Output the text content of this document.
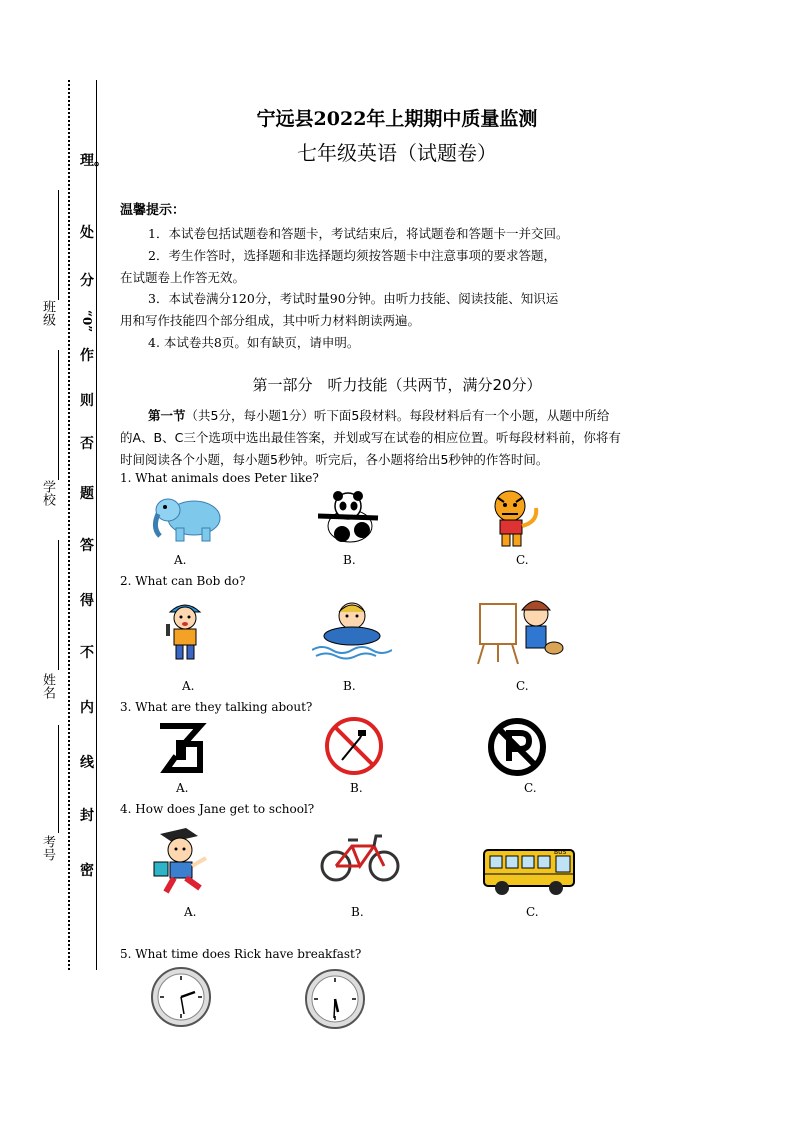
理。
处
分
“0”
作
则
否
题
答
得
不
内
线
封
密
班级
学校
姓名
考号
宁远县2022年上期期中质量监测
七年级英语（试题卷）
温馨提示：
1．本试卷包括试题卷和答题卡，考试结束后，将试题卷和答题卡一并交回。
2．考生作答时，选择题和非选择题均须按答题卡中注意事项的要求答题，
在试题卷上作答无效。
3．本试卷满分120分，考试时量90分钟。由听力技能、阅读技能、知识运
用和写作技能四个部分组成，其中听力材料朗读两遍。
4. 本试卷共8页。如有缺页，请申明。
第一部分　听力技能（共两节，满分20分）
第一节（共5分，每小题1分）听下面5段材料。每段材料后有一个小题，从题中所给
的A、B、C三个选项中选出最佳答案，并划或写在试卷的相应位置。听每段材料前，你将有
时间阅读各个小题，每小题5秒钟。听完后，各小题将给出5秒钟的作答时间。
1. What animals does Peter like?
A.	B.	C.
2. What can Bob do?
A.	B.	C.
3. What are they talking about?
A.	B.	C.
4. How does Jane get to school?
BUS
A.	B.	C.
5. What time does Rick have breakfast?
